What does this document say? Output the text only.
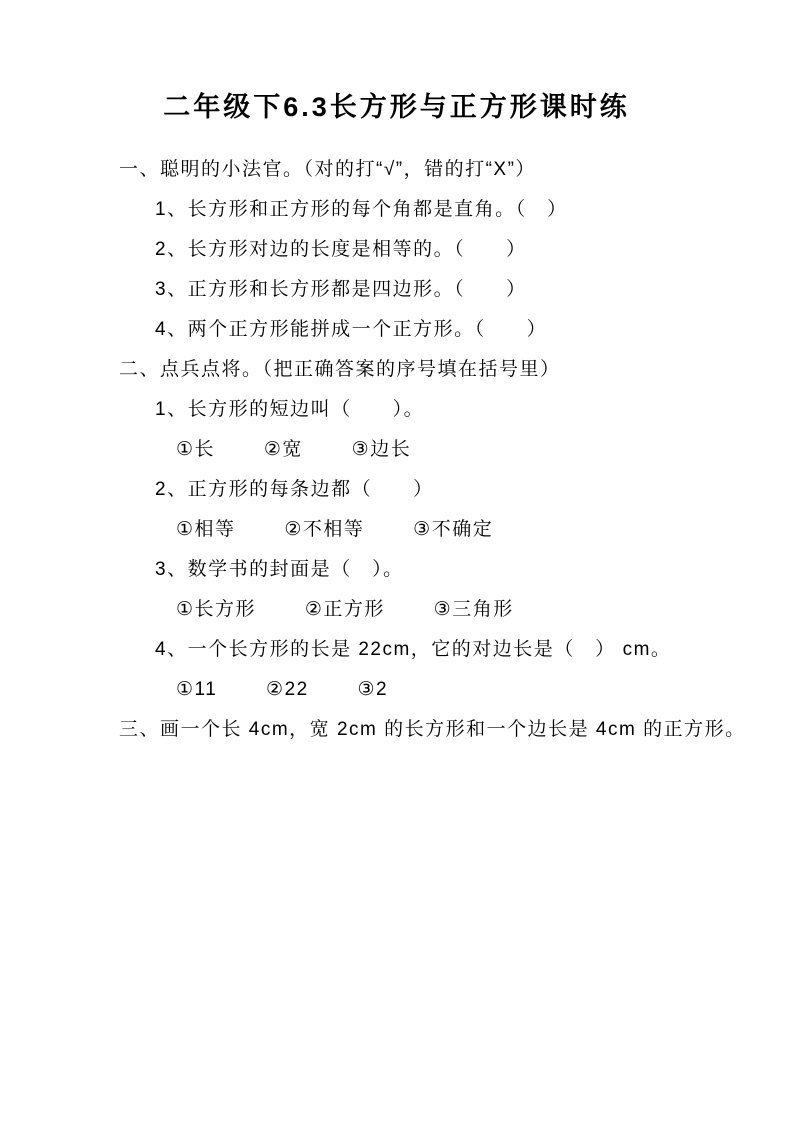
二年级下6.3长方形与正方形课时练

一、聪明的小法官。（对的打“√”，错的打“X”）

1、长方形和正方形的每个角都是直角。（　）

2、长方形对边的长度是相等的。（　　）

3、正方形和长方形都是四边形。（　　）

4、两个正方形能拼成一个正方形。（　　）

二、点兵点将。（把正确答案的序号填在括号里）

1、长方形的短边叫（　　）。

①长	②宽	③边长

2、正方形的每条边都（　　）

①相等	②不相等	③不确定

3、数学书的封面是（　）。

①长方形	②正方形	③三角形

4、一个长方形的长是 22cm，它的对边长是（　） cm。

①11	②22	③2

三、画一个长 4cm，宽 2cm 的长方形和一个边长是 4cm 的正方形。
